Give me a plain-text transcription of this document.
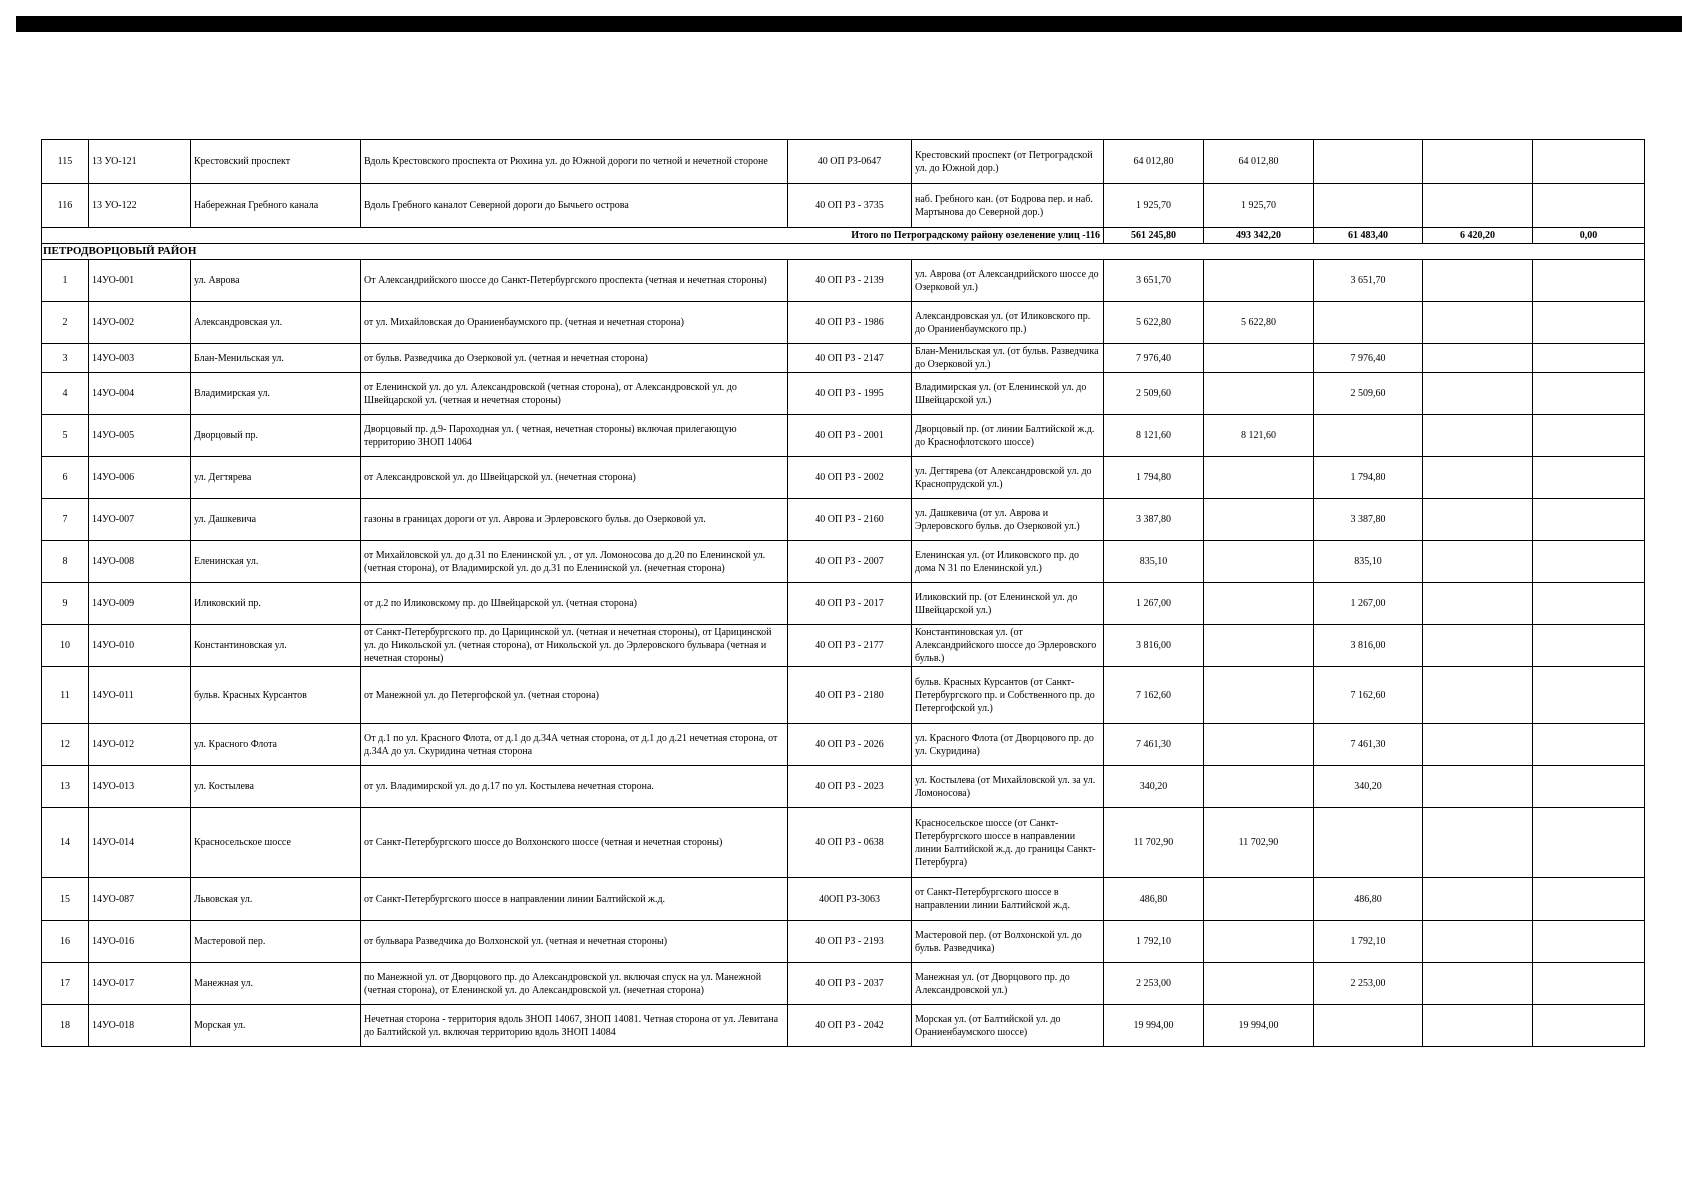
115	13 УО-121	Крестовский проспект	Вдоль Крестовского проспекта от Рюхина ул. до Южной дороги по четной и нечетной стороне	40 ОП РЗ-0647	Крестовский проспект (от Петроградской ул. до Южной дор.)	64 012,80	64 012,80			
116	13 УО-122	Набережная Гребного канала	Вдоль Гребного каналот Северной дороги до Бычьего острова	40 ОП РЗ - 3735	наб. Гребного кан. (от Бодрова пер. и наб. Мартынова до Северной дор.)	1 925,70	1 925,70			
Итого по Петроградскому району озеленение улиц -116						561 245,80	493 342,20	61 483,40	6 420,20	0,00
ПЕТРОДВОРЦОВЫЙ РАЙОН										
1	14УО-001	ул. Аврова	От Александрийского шоссе до Санкт-Петербургского проспекта (четная и нечетная стороны)	40 ОП РЗ - 2139	ул. Аврова (от Александрийского шоссе до Озерковой ул.)	3 651,70		3 651,70		
2	14УО-002	Александровская ул.	от ул. Михайловская до Ораниенбаумского пр. (четная и нечетная сторона)	40 ОП РЗ - 1986	Александровская ул. (от Иликовского пр. до Ораниенбаумского пр.)	5 622,80	5 622,80			
3	14УО-003	Блан-Менильская ул.	от бульв. Разведчика до Озерковой ул. (четная и нечетная сторона)	40 ОП РЗ - 2147	Блан-Менильская ул. (от бульв. Разведчика до Озерковой ул.)	7 976,40		7 976,40		
4	14УО-004	Владимирская ул.	от Еленинской ул. до ул. Александровской (четная сторона), от Александровской ул. до Швейцарской ул. (четная и нечетная стороны)	40 ОП РЗ - 1995	Владимирская ул. (от Еленинской ул. до Швейцарской ул.)	2 509,60		2 509,60		
5	14УО-005	Дворцовый пр.	Дворцовый пр. д.9- Пароходная ул. ( четная, нечетная стороны) включая прилегающую территорию ЗНОП 14064	40 ОП РЗ - 2001	Дворцовый пр. (от линии Балтийской ж.д. до Краснофлотского шоссе)	8 121,60	8 121,60			
6	14УО-006	ул. Дегтярева	от Александровской ул. до Швейцарской ул. (нечетная сторона)	40 ОП РЗ - 2002	ул. Дегтярева (от Александровской ул. до Краснопрудской ул.)	1 794,80		1 794,80		
7	14УО-007	ул. Дашкевича	газоны в границах дороги от ул. Аврова и Эрлеровского бульв. до Озерковой ул.	40 ОП РЗ - 2160	ул. Дашкевича (от ул. Аврова и Эрлеровского бульв. до Озерковой ул.)	3 387,80		3 387,80		
8	14УО-008	Еленинская ул.	от Михайловской ул. до д.31 по Еленинской ул. , от ул. Ломоносова до д.20 по Еленинской ул. (четная сторона), от Владимирской ул. до д.31 по Еленинской ул. (нечетная сторона)	40 ОП РЗ - 2007	Еленинская ул. (от Иликовского пр. до дома N 31 по Еленинской ул.)	835,10		835,10		
9	14УО-009	Иликовский пр.	от д.2 по Иликовскому пр. до Швейцарской ул. (четная сторона)	40 ОП РЗ - 2017	Иликовский пр. (от Еленинской ул. до Швейцарской ул.)	1 267,00		1 267,00		
10	14УО-010	Константиновская ул.	от Санкт-Петербургского пр. до Царицинской ул. (четная и нечетная стороны), от Царицинской ул. до Никольской ул. (четная сторона), от Никольской ул. до Эрлеровского бульвара (четная и нечетная стороны)	40 ОП РЗ - 2177	Константиновская ул. (от Александрийского шоссе до Эрлеровского бульв.)	3 816,00		3 816,00		
11	14УО-011	бульв. Красных Курсантов	от Манежной ул. до Петергофской ул. (четная сторона)	40 ОП РЗ - 2180	бульв. Красных Курсантов (от Санкт-Петербургского пр. и Собственного пр. до Петергофской ул.)	7 162,60		7 162,60		
12	14УО-012	ул. Красного Флота	От д.1 по ул. Красного Флота, от д.1 до д.34А четная сторона, от д.1 до д.21 нечетная сторона, от д.34А до ул. Скуридина четная сторона	40 ОП РЗ - 2026	ул. Красного Флота (от Дворцового пр. до ул. Скуридина)	7 461,30		7 461,30		
13	14УО-013	ул. Костылева	от ул. Владимирской ул. до д.17 по ул. Костылева нечетная сторона.	40 ОП РЗ - 2023	ул. Костылева (от Михайловской ул. за ул. Ломоносова)	340,20		340,20		
14	14УО-014	Красносельское шоссе	от Санкт-Петербургского шоссе до Волхонского шоссе (четная и нечетная стороны)	40 ОП РЗ - 0638	Красносельское шоссе (от Санкт-Петербургского шоссе в направлении линии Балтийской ж.д. до границы Санкт-Петербурга)	11 702,90	11 702,90			
15	14УО-087	Львовская ул.	от Санкт-Петербургского шоссе в направлении линии Балтийской ж.д.	40ОП РЗ-3063	от Санкт-Петербургского шоссе в направлении линии Балтийской ж.д.	486,80		486,80		
16	14УО-016	Мастеровой пер.	от бульвара Разведчика до Волхонской ул. (четная и нечетная стороны)	40 ОП РЗ - 2193	Мастеровой пер. (от Волхонской ул. до бульв. Разведчика)	1 792,10		1 792,10		
17	14УО-017	Манежная ул.	по Манежной ул. от Дворцового пр. до Александровской ул. включая спуск на ул. Манежной (четная сторона), от Еленинской ул. до Александровской ул. (нечетная сторона)	40 ОП РЗ - 2037	Манежная ул. (от Дворцового пр. до Александровской ул.)	2 253,00		2 253,00		
18	14УО-018	Морская ул.	Нечетная сторона - территория вдоль ЗНОП 14067, ЗНОП 14081. Четная сторона от ул. Левитана до Балтийской ул. включая территорию вдоль ЗНОП 14084	40 ОП РЗ - 2042	Морская ул. (от Балтийской ул. до Ораниенбаумского шоссе)	19 994,00	19 994,00			
